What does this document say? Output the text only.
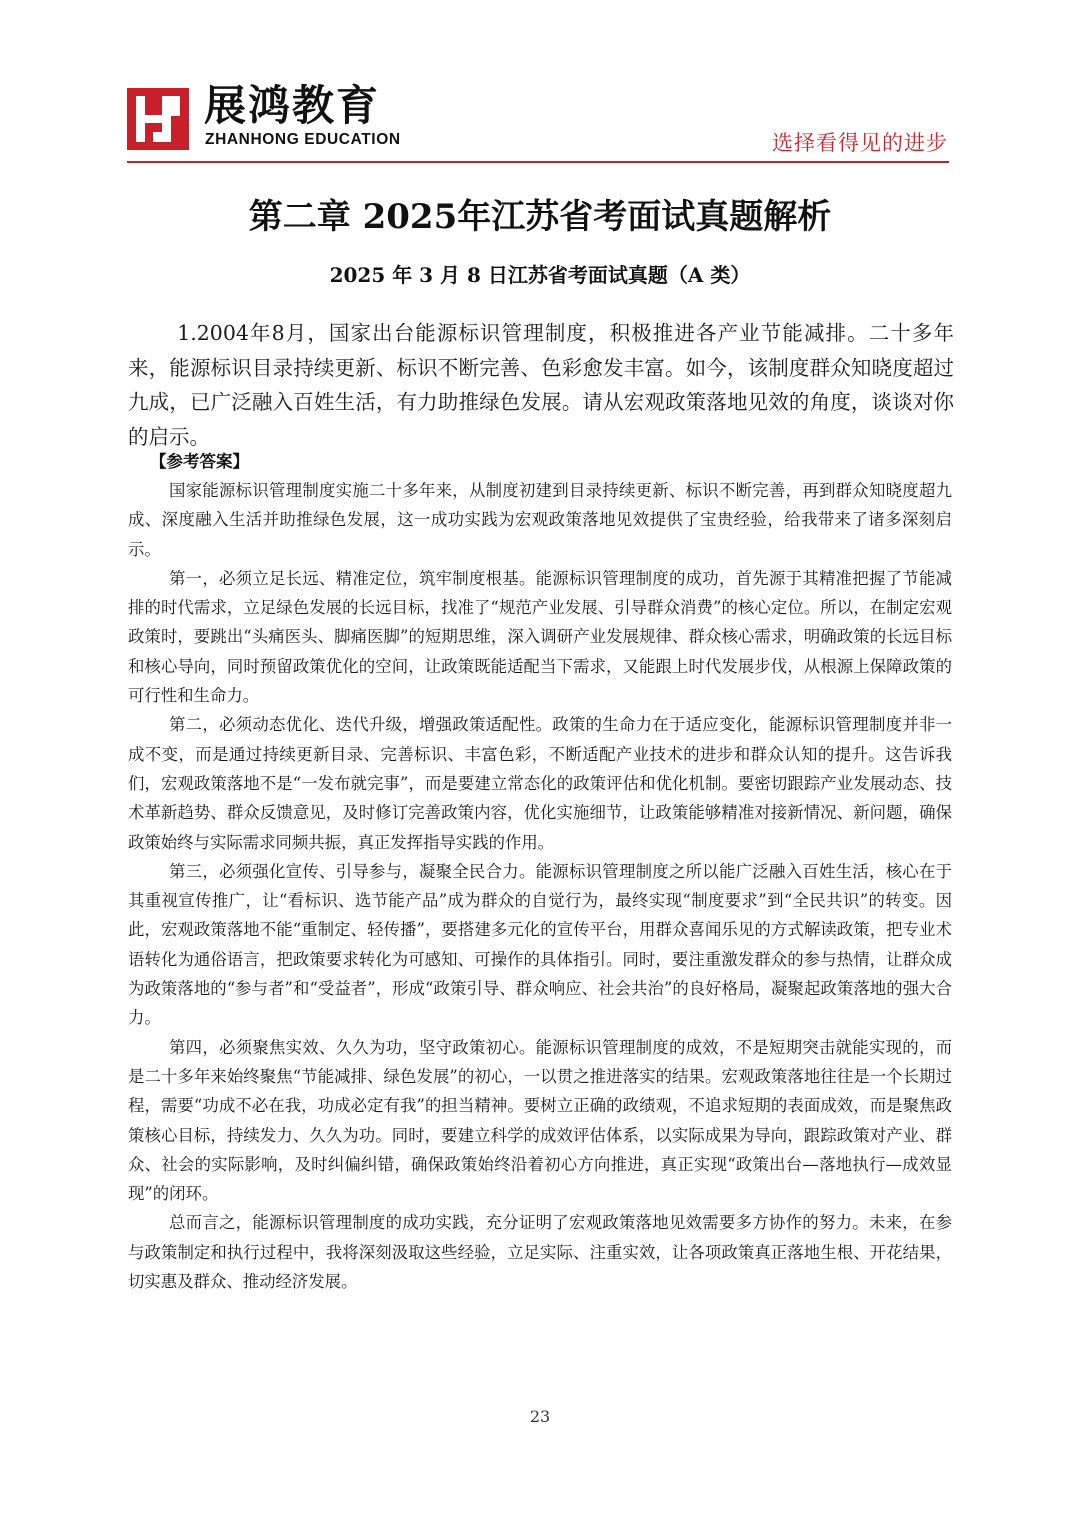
展鸿教育
ZHANHONG EDUCATION	选择看得见的进步
第二章 2025年江苏省考面试真题解析
2025 年 3 月 8 日江苏省考面试真题（A 类）

1.2004年8月，国家出台能源标识管理制度，积极推进各产业节能减排。二十多年来，能源标识目录持续更新、标识不断完善、色彩愈发丰富。如今，该制度群众知晓度超过九成，已广泛融入百姓生活，有力助推绿色发展。请从宏观政策落地见效的角度，谈谈对你的启示。

【参考答案】

国家能源标识管理制度实施二十多年来，从制度初建到目录持续更新、标识不断完善，再到群众知晓度超九成、深度融入生活并助推绿色发展，这一成功实践为宏观政策落地见效提供了宝贵经验，给我带来了诸多深刻启示。

第一，必须立足长远、精准定位，筑牢制度根基。能源标识管理制度的成功，首先源于其精准把握了节能减排的时代需求，立足绿色发展的长远目标，找准了“规范产业发展、引导群众消费”的核心定位。所以，在制定宏观政策时，要跳出“头痛医头、脚痛医脚”的短期思维，深入调研产业发展规律、群众核心需求，明确政策的长远目标和核心导向，同时预留政策优化的空间，让政策既能适配当下需求，又能跟上时代发展步伐，从根源上保障政策的可行性和生命力。

第二，必须动态优化、迭代升级，增强政策适配性。政策的生命力在于适应变化，能源标识管理制度并非一成不变，而是通过持续更新目录、完善标识、丰富色彩，不断适配产业技术的进步和群众认知的提升。这告诉我们，宏观政策落地不是“一发布就完事”，而是要建立常态化的政策评估和优化机制。要密切跟踪产业发展动态、技术革新趋势、群众反馈意见，及时修订完善政策内容，优化实施细节，让政策能够精准对接新情况、新问题，确保政策始终与实际需求同频共振，真正发挥指导实践的作用。

第三，必须强化宣传、引导参与，凝聚全民合力。能源标识管理制度之所以能广泛融入百姓生活，核心在于其重视宣传推广，让“看标识、选节能产品”成为群众的自觉行为，最终实现“制度要求”到“全民共识”的转变。因此，宏观政策落地不能“重制定、轻传播”，要搭建多元化的宣传平台，用群众喜闻乐见的方式解读政策，把专业术语转化为通俗语言，把政策要求转化为可感知、可操作的具体指引。同时，要注重激发群众的参与热情，让群众成为政策落地的“参与者”和“受益者”，形成“政策引导、群众响应、社会共治”的良好格局，凝聚起政策落地的强大合力。

第四，必须聚焦实效、久久为功，坚守政策初心。能源标识管理制度的成效，不是短期突击就能实现的，而是二十多年来始终聚焦“节能减排、绿色发展”的初心，一以贯之推进落实的结果。宏观政策落地往往是一个长期过程，需要“功成不必在我，功成必定有我”的担当精神。要树立正确的政绩观，不追求短期的表面成效，而是聚焦政策核心目标，持续发力、久久为功。同时，要建立科学的成效评估体系，以实际成果为导向，跟踪政策对产业、群众、社会的实际影响，及时纠偏纠错，确保政策始终沿着初心方向推进，真正实现“政策出台—落地执行—成效显现”的闭环。

总而言之，能源标识管理制度的成功实践，充分证明了宏观政策落地见效需要多方协作的努力。未来，在参与政策制定和执行过程中，我将深刻汲取这些经验，立足实际、注重实效，让各项政策真正落地生根、开花结果，切实惠及群众、推动经济发展。

23
